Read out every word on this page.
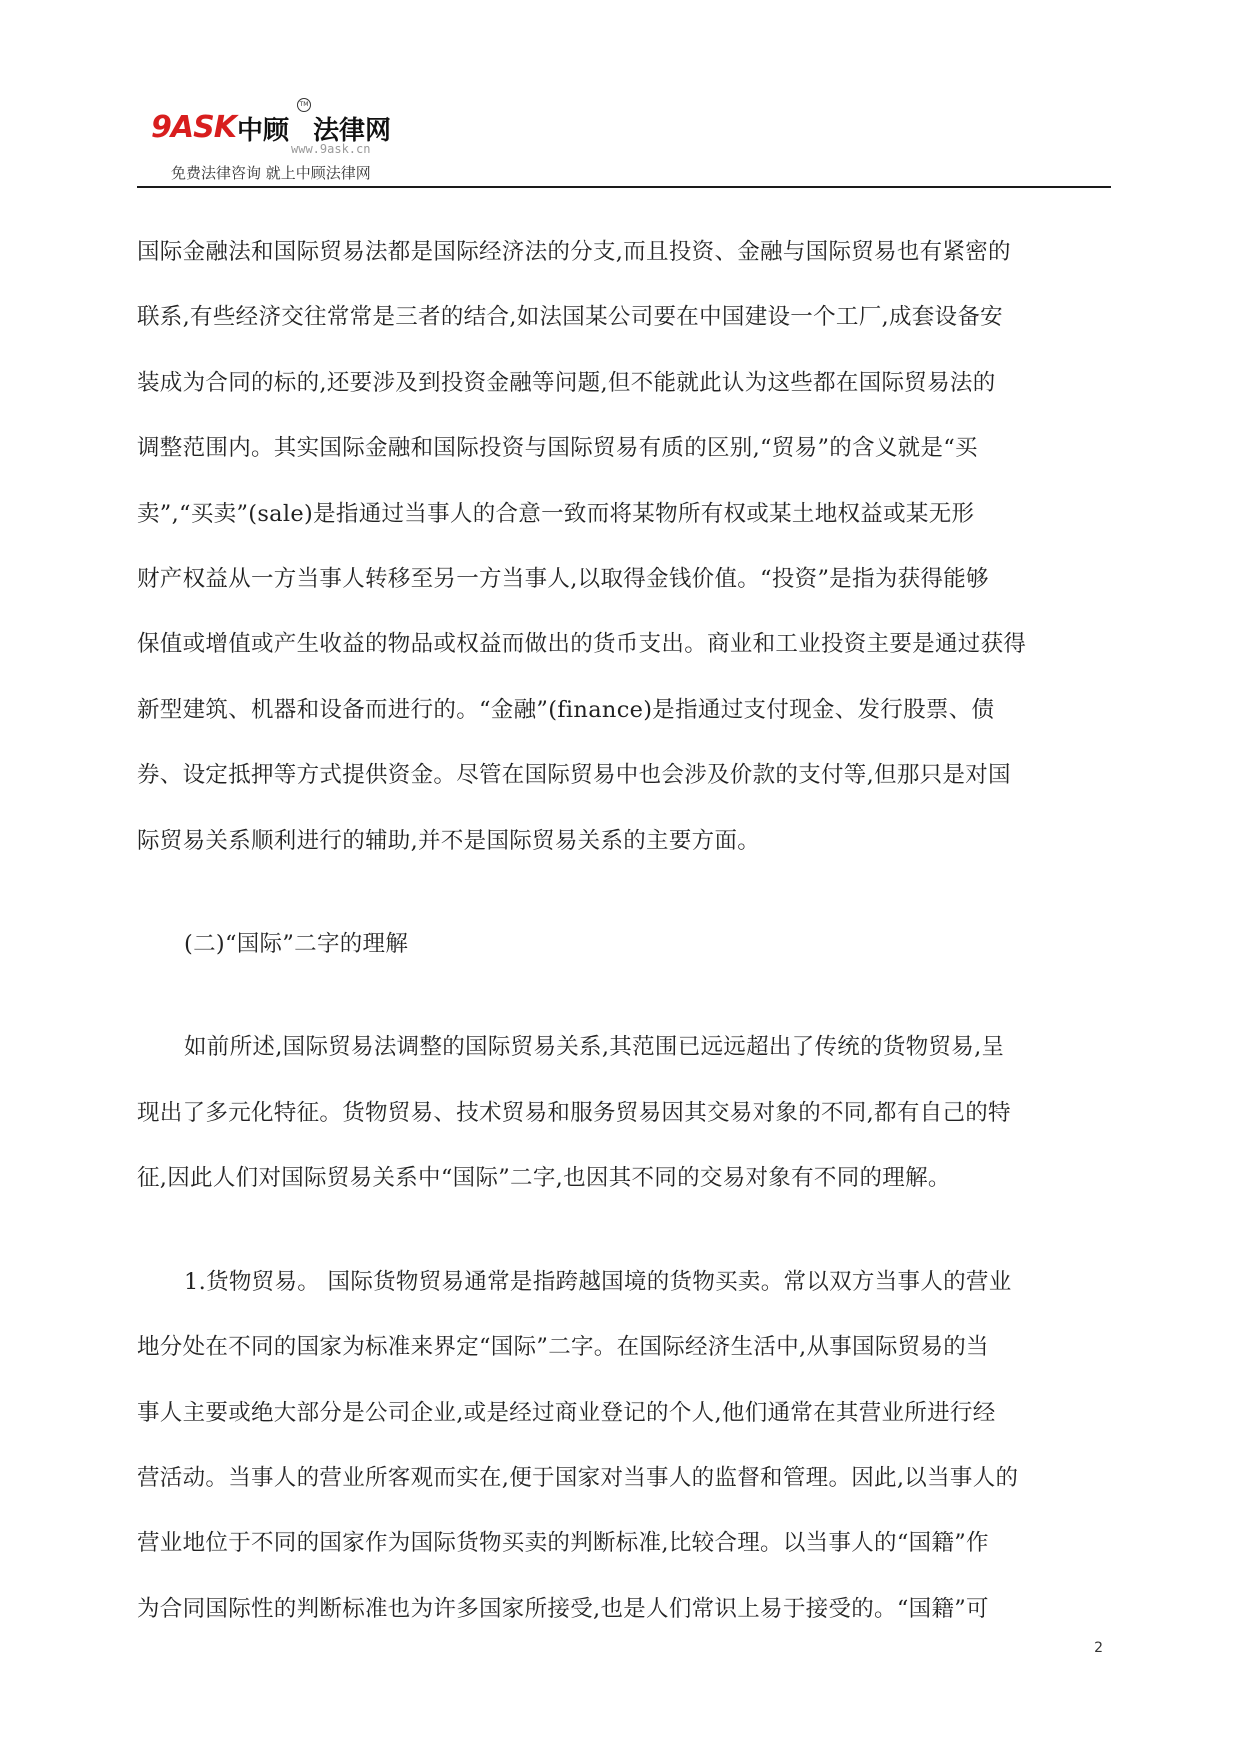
9ASK 中顾
TM
法律网
www.9ask.cn
免费法律咨询 就上中顾法律网

国际金融法和国际贸易法都是国际经济法的分支,而且投资、金融与国际贸易也有紧密的
联系,有些经济交往常常是三者的结合,如法国某公司要在中国建设一个工厂,成套设备安
装成为合同的标的,还要涉及到投资金融等问题,但不能就此认为这些都在国际贸易法的
调整范围内。其实国际金融和国际投资与国际贸易有质的区别,“贸易”的含义就是“买
卖”,“买卖”(sale)是指通过当事人的合意一致而将某物所有权或某土地权益或某无形
财产权益从一方当事人转移至另一方当事人,以取得金钱价值。“投资”是指为获得能够
保值或增值或产生收益的物品或权益而做出的货币支出。商业和工业投资主要是通过获得
新型建筑、机器和设备而进行的。“金融”(finance)是指通过支付现金、发行股票、债
券、设定抵押等方式提供资金。尽管在国际贸易中也会涉及价款的支付等,但那只是对国
际贸易关系顺利进行的辅助,并不是国际贸易关系的主要方面。

(二)“国际”二字的理解

如前所述,国际贸易法调整的国际贸易关系,其范围已远远超出了传统的货物贸易,呈
现出了多元化特征。货物贸易、技术贸易和服务贸易因其交易对象的不同,都有自己的特
征,因此人们对国际贸易关系中“国际”二字,也因其不同的交易对象有不同的理解。

1.货物贸易。 国际货物贸易通常是指跨越国境的货物买卖。常以双方当事人的营业
地分处在不同的国家为标准来界定“国际”二字。在国际经济生活中,从事国际贸易的当
事人主要或绝大部分是公司企业,或是经过商业登记的个人,他们通常在其营业所进行经
营活动。当事人的营业所客观而实在,便于国家对当事人的监督和管理。因此,以当事人的
营业地位于不同的国家作为国际货物买卖的判断标准,比较合理。以当事人的“国籍”作
为合同国际性的判断标准也为许多国家所接受,也是人们常识上易于接受的。“国籍”可

2
